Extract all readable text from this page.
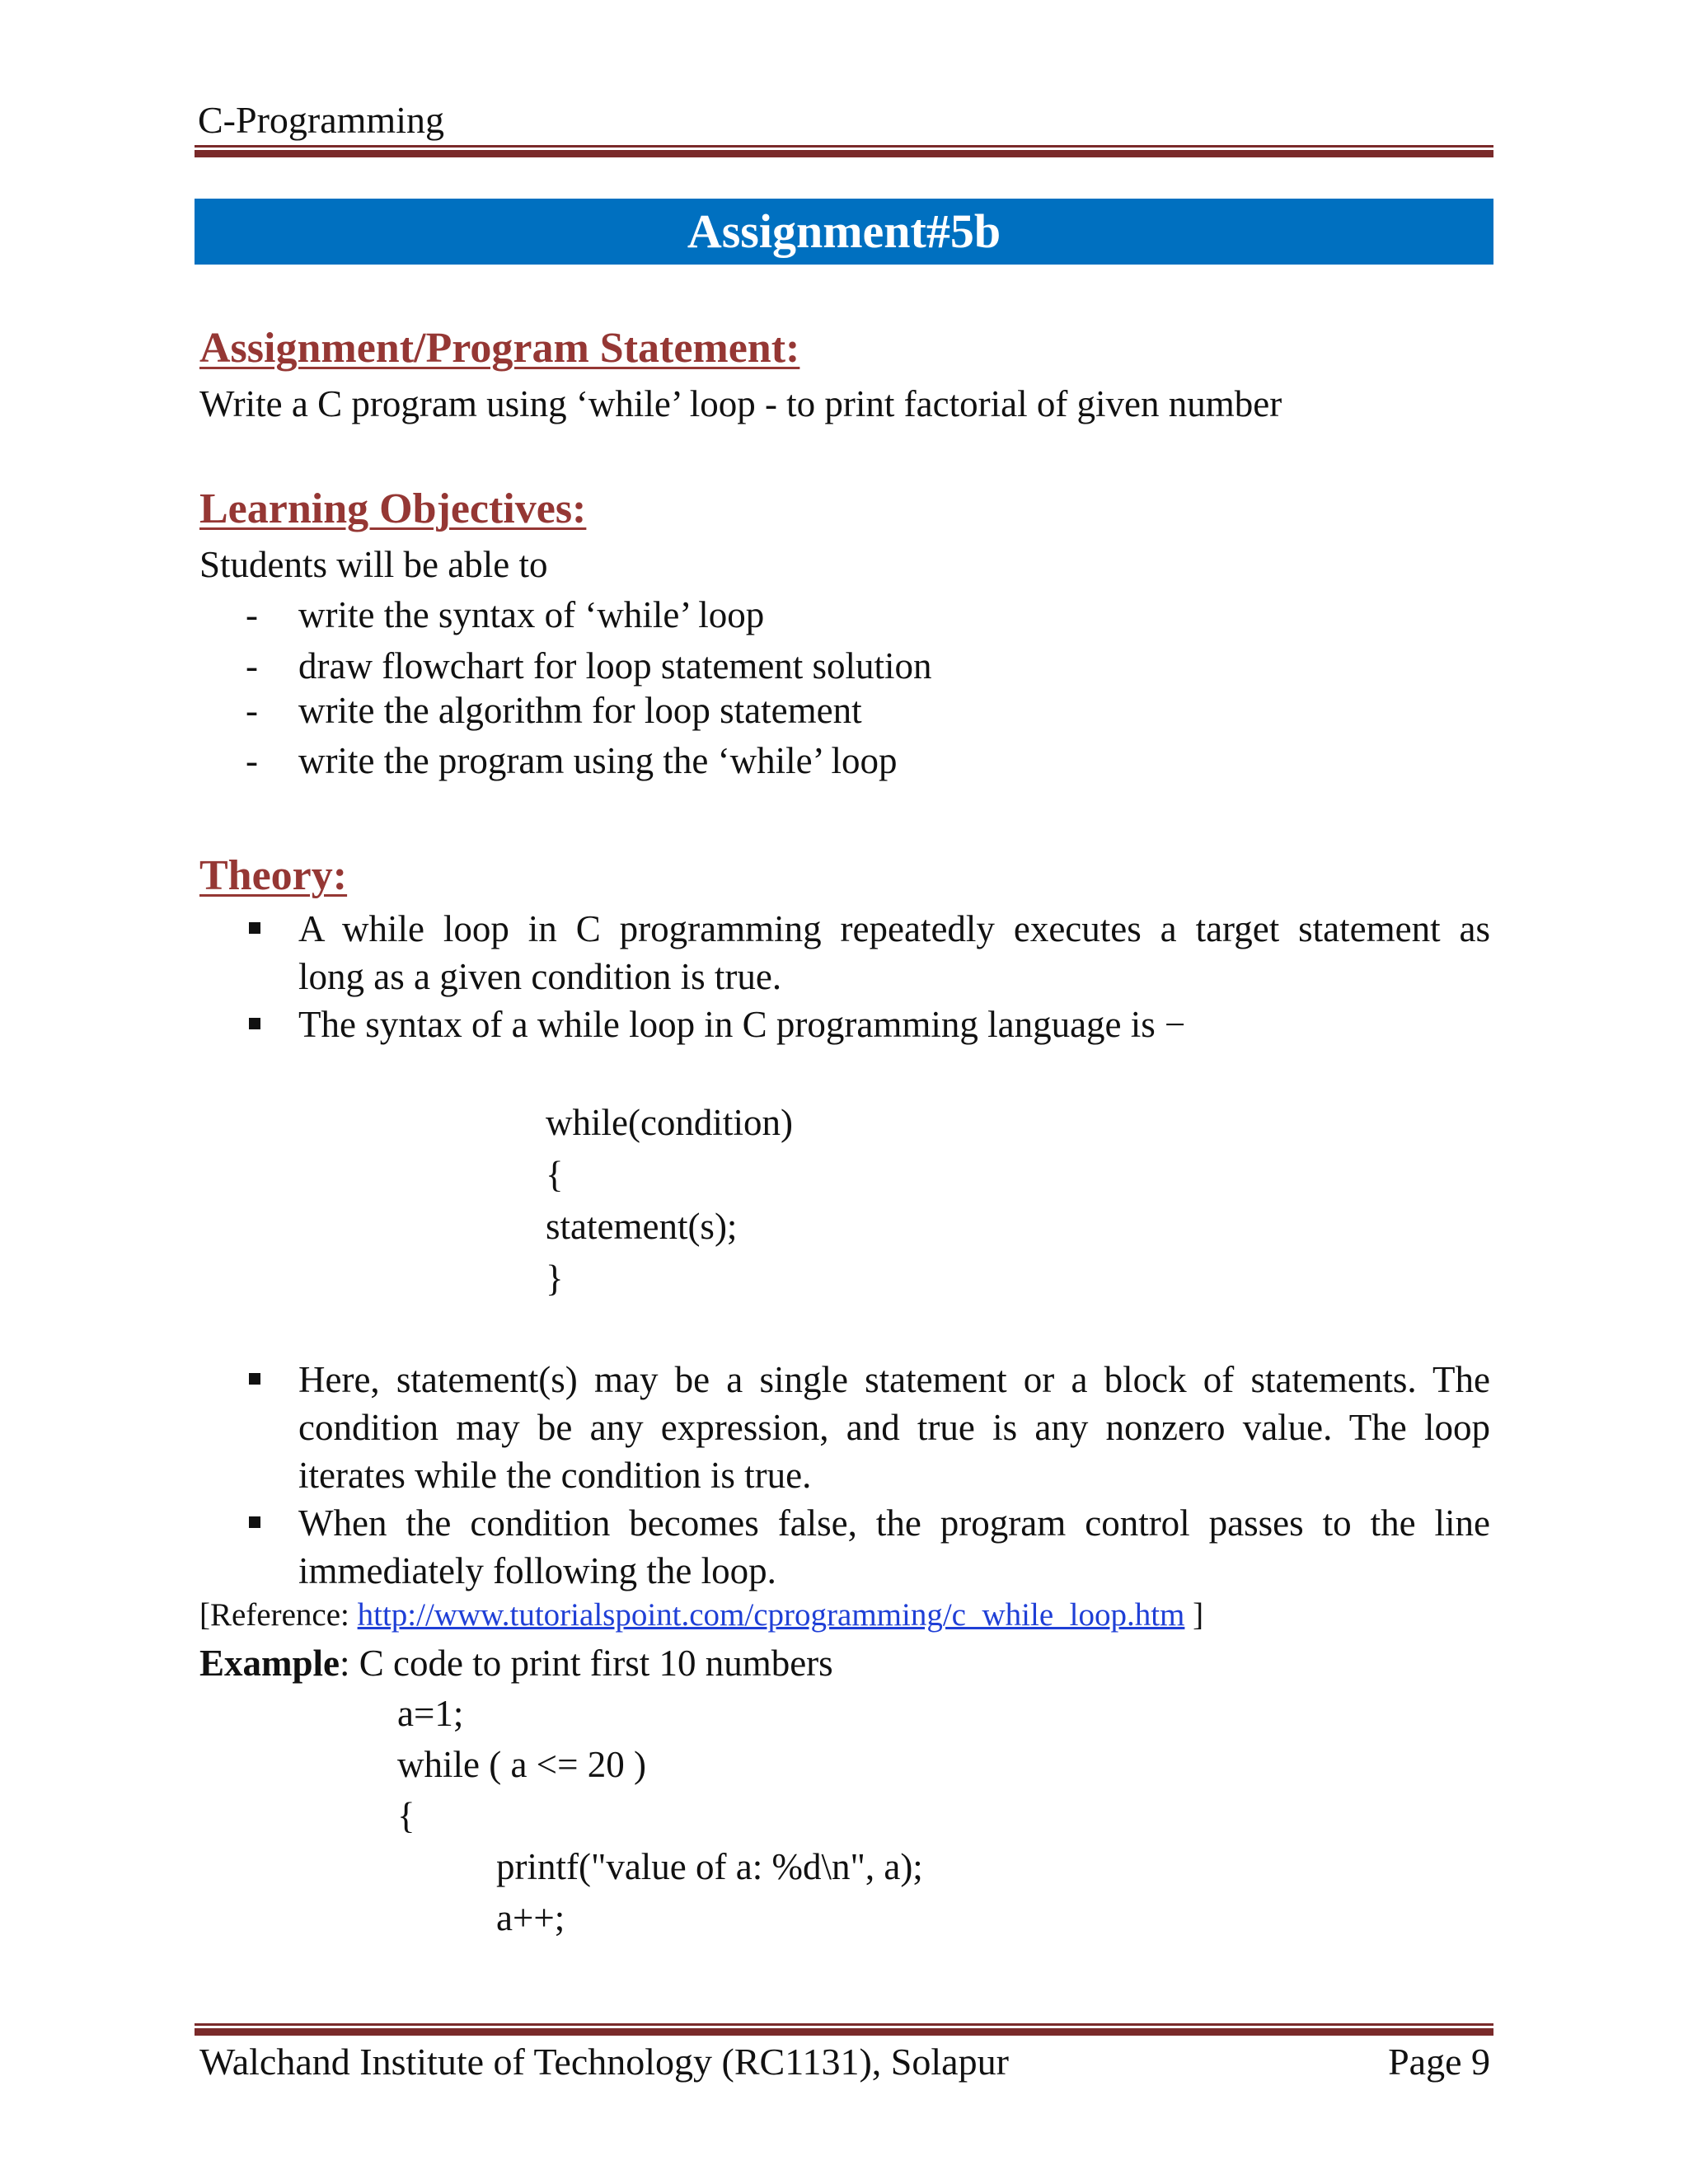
C-Programming
Assignment#5b
Assignment/Program Statement:
Write a C program using ‘while’ loop - to print factorial of given number
Learning Objectives:
Students will be able to
- write the syntax of ‘while’ loop
- draw flowchart for loop statement solution
- write the algorithm for loop statement
- write the program using the ‘while’ loop
Theory:
A while loop in C programming repeatedly executes a target statement as
long as a given condition is true.
The syntax of a while loop in C programming language is −
while(condition)
{
statement(s);
}
Here, statement(s) may be a single statement or a block of statements. The
condition may be any expression, and true is any nonzero value. The loop
iterates while the condition is true.
When the condition becomes false, the program control passes to the line
immediately following the loop.
[Reference: http://www.tutorialspoint.com/cprogramming/c_while_loop.htm ]
Example: C code to print first 10 numbers
a=1;
while ( a <= 20 )
{
printf("value of a: %d\n", a);
a++;
Walchand Institute of Technology (RC1131), Solapur	Page 9
